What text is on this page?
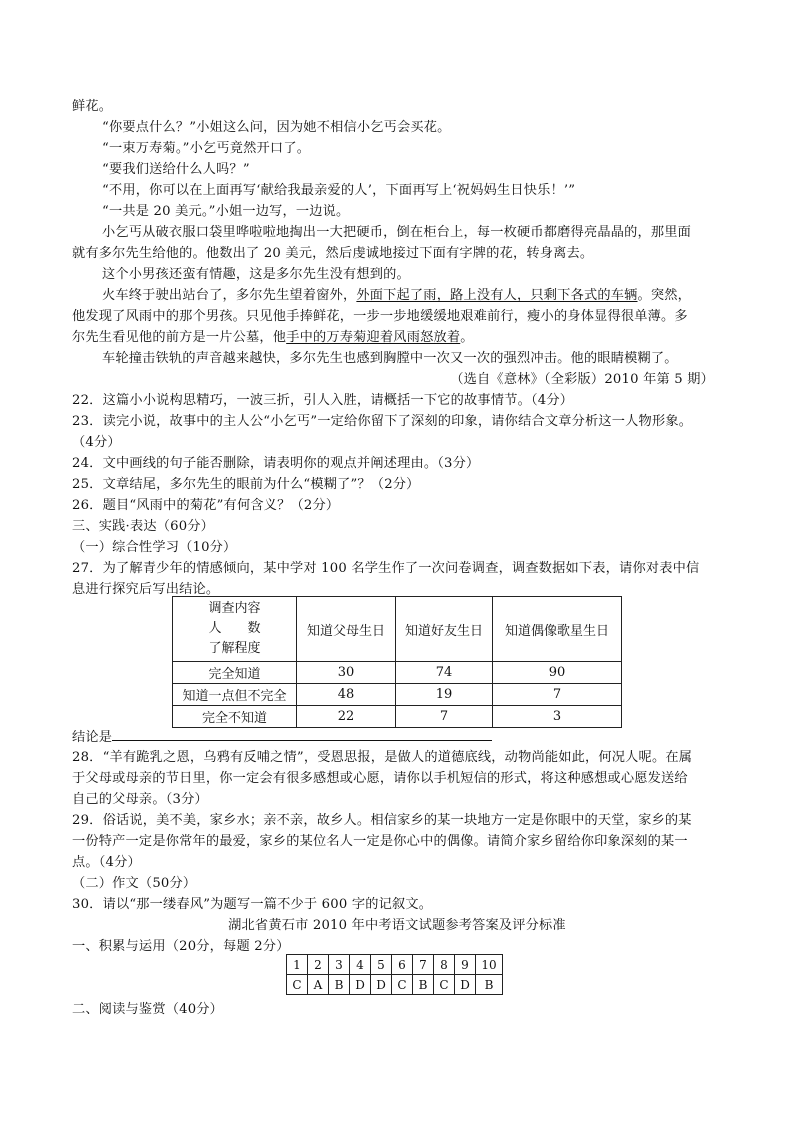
鲜花。
“你要点什么？”小姐这么问，因为她不相信小乞丐会买花。
“一束万寿菊。”小乞丐竟然开口了。
“要我们送给什么人吗？”
“不用，你可以在上面再写‘献给我最亲爱的人’，下面再写上‘祝妈妈生日快乐！’”
“一共是 20 美元。”小姐一边写，一边说。
小乞丐从破衣服口袋里哗啦啦地掏出一大把硬币，倒在柜台上，每一枚硬币都磨得亮晶晶的，那里面
就有多尔先生给他的。他数出了 20 美元，然后虔诚地接过下面有字牌的花，转身离去。
这个小男孩还蛮有情趣，这是多尔先生没有想到的。
火车终于驶出站台了，多尔先生望着窗外，外面下起了雨，路上没有人，只剩下各式的车辆。突然，
他发现了风雨中的那个男孩。只见他手捧鲜花，一步一步地缓缓地艰难前行，瘦小的身体显得很单薄。多
尔先生看见他的前方是一片公墓，他手中的万寿菊迎着风雨怒放着。
车轮撞击铁轨的声音越来越快，多尔先生也感到胸膛中一次又一次的强烈冲击。他的眼睛模糊了。
（选自《意林》（全彩版）2010 年第 5 期）
22．这篇小小说构思精巧，一波三折，引人入胜，请概括一下它的故事情节。（4分）
23．读完小说，故事中的主人公“小乞丐”一定给你留下了深刻的印象，请你结合文章分析这一人物形象。
（4分）
24．文中画线的句子能否删除，请表明你的观点并阐述理由。（3分）
25．文章结尾，多尔先生的眼前为什么“模糊了”？（2分）
26．题目“风雨中的菊花”有何含义？（2分）
三、实践·表达（60分）
（一）综合性学习（10分）
27．为了解青少年的情感倾向，某中学对 100 名学生作了一次问卷调查，调查数据如下表，请你对表中信
息进行探究后写出结论。
调查内容
人　　数
了解程度	知道父母生日	知道好友生日	知道偶像歌星生日
完全知道	30	74	90
知道一点但不完全	48	19	7
完全不知道	22	7	3
结论是
28．“羊有跪乳之恩，乌鸦有反哺之情”，受恩思报，是做人的道德底线，动物尚能如此，何况人呢。在属
于父母或母亲的节日里，你一定会有很多感想或心愿，请你以手机短信的形式，将这种感想或心愿发送给
自己的父母亲。（3分）
29．俗话说，美不美，家乡水；亲不亲，故乡人。相信家乡的某一块地方一定是你眼中的天堂，家乡的某
一份特产一定是你常年的最爱，家乡的某位名人一定是你心中的偶像。请简介家乡留给你印象深刻的某一
点。（4分）
（二）作文（50分）
30．请以“那一缕春风”为题写一篇不少于 600 字的记叙文。
湖北省黄石市 2010 年中考语文试题参考答案及评分标准
一、积累与运用（20分，每题 2分）
1	2	3	4	5	6	7	8	9	10
C	A	B	D	D	C	B	C	D	B
二、阅读与鉴赏（40分）
